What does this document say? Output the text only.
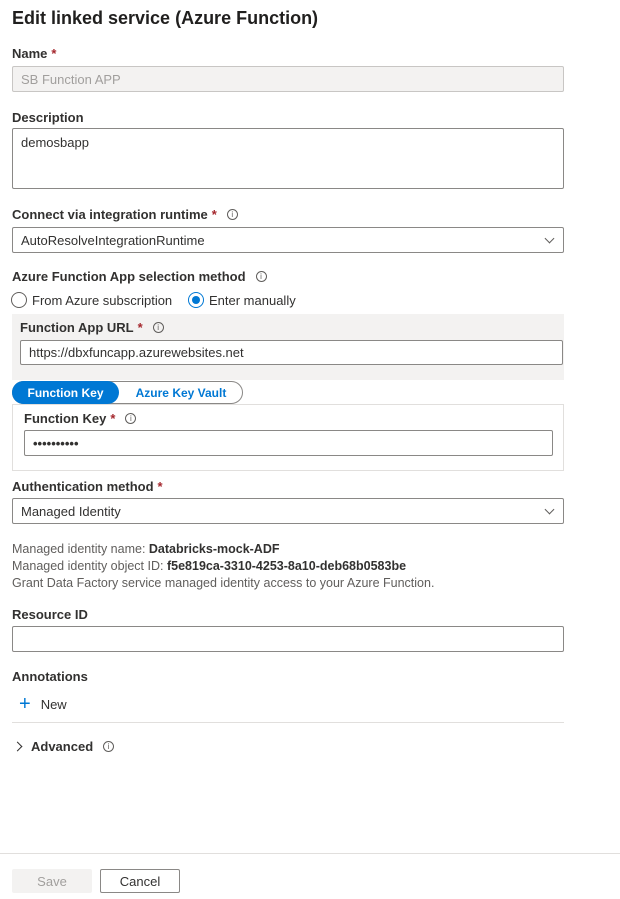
Edit linked service (Azure Function)
Name *
SB Function APP
Description
demosbapp
Connect via integration runtime *	i
AutoResolveIntegrationRuntime
Azure Function App selection method	i
From Azure subscription	Enter manually
Function App URL *	i
https://dbxfuncapp.azurewebsites.net
Function Key	Azure Key Vault
Function Key *	i
••••••••••
Authentication method *
Managed Identity
Managed identity name: Databricks-mock-ADF
Managed identity object ID: f5e819ca-3310-4253-8a10-deb68b0583be
Grant Data Factory service managed identity access to your Azure Function.
Resource ID
Annotations
+ New
Advanced	i
Save	Cancel
